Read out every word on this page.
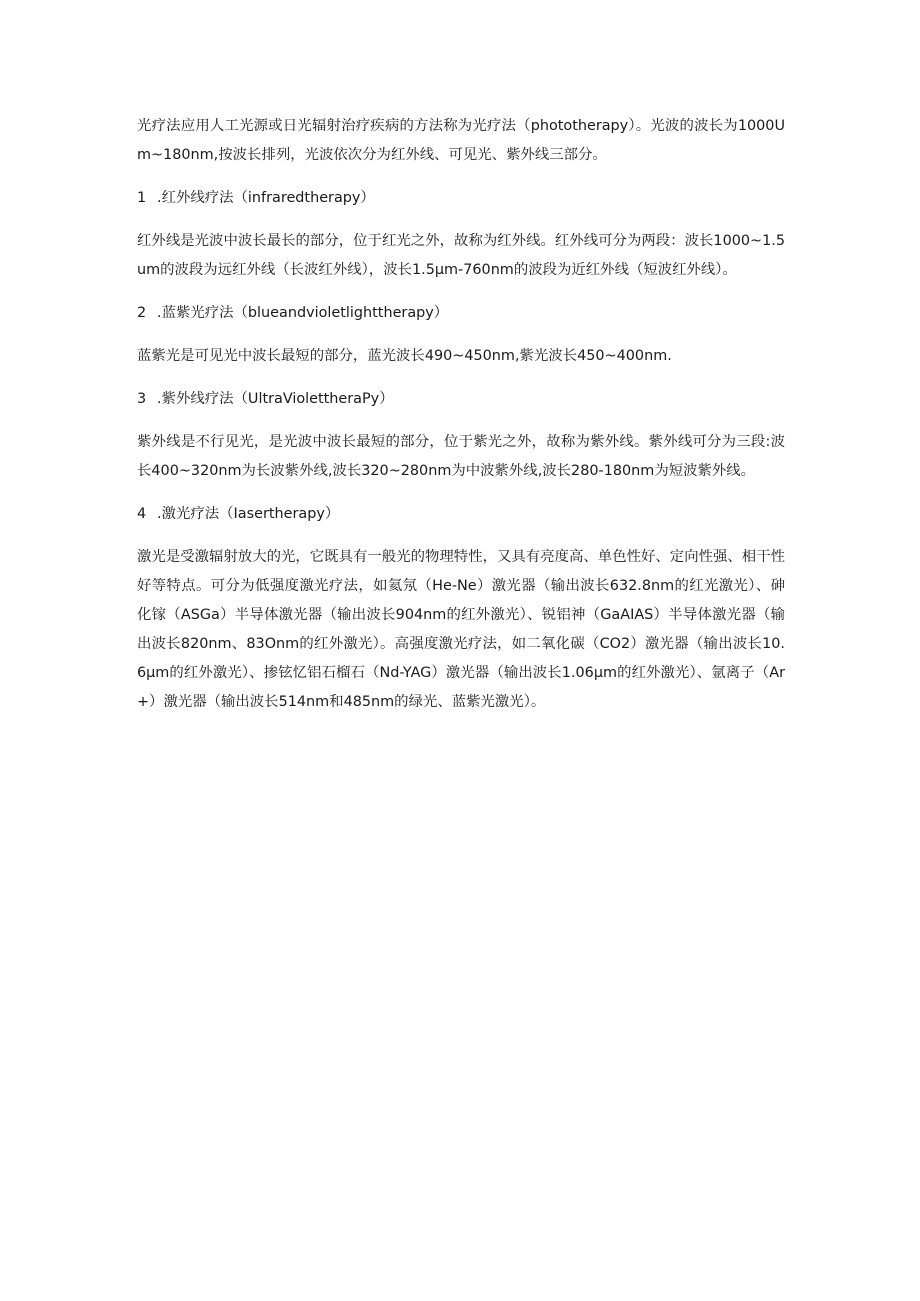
光疗法应用人工光源或日光辐射治疗疾病的方法称为光疗法（phototherapy）。光波的波长为1000Um~180nm,按波长排列，光波依次分为红外线、可见光、紫外线三部分。

1 .红外线疗法（infraredtherapy）

红外线是光波中波长最长的部分，位于红光之外，故称为红外线。红外线可分为两段：波长1000~1.5um的波段为远红外线（长波红外线），波长1.5μm-760nm的波段为近红外线（短波红外线）。

2 .蓝紫光疗法（blueandvioletlighttherapy）

蓝紫光是可见光中波长最短的部分，蓝光波长490~450nm,紫光波长450~400nm.

3 .紫外线疗法（UltraViolettheraPy）

紫外线是不行见光，是光波中波长最短的部分，位于紫光之外，故称为紫外线。紫外线可分为三段:波长400~320nm为长波紫外线,波长320~280nm为中波紫外线,波长280-180nm为短波紫外线。

4 .激光疗法（Iasertherapy）

激光是受激辐射放大的光，它既具有一般光的物理特性，又具有亮度高、单色性好、定向性强、相干性好等特点。可分为低强度激光疗法，如氦氖（He-Ne）激光器（输出波长632.8nm的红光激光）、砷化镓（ASGa）半导体激光器（输出波长904nm的红外激光）、锐铝神（GaAIAS）半导体激光器（输出波长820nm、83Onm的红外激光）。高强度激光疗法，如二氧化碳（CO2）激光器（输出波长10.6μm的红外激光）、掺铉忆铝石榴石（Nd-YAG）激光器（输出波长1.06μm的红外激光）、氩离子（Ar+）激光器（输出波长514nm和485nm的绿光、蓝紫光激光）。
